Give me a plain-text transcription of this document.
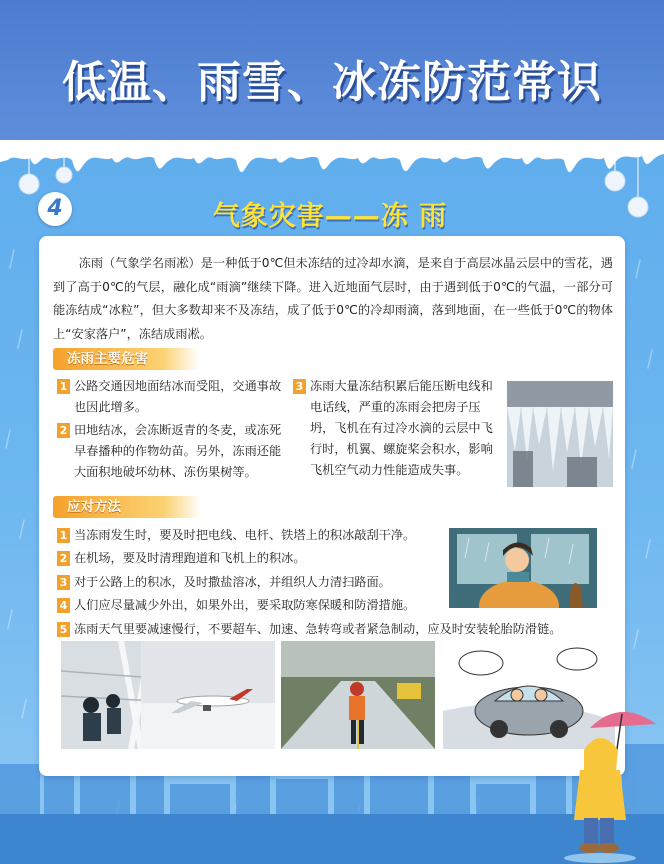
低温、雨雪、冰冻防范常识
4	气象灾害——冻 雨

冻雨（气象学名雨凇）是一种低于0℃但未冻结的过冷却水滴，是来自于高层冰晶云层中的雪花，遇到了高于0℃的气层，融化成“雨滴”继续下降。进入近地面气层时，由于遇到低于0℃的气温，一部分可能冻结成“冰粒”，但大多数却来不及冻结，成了低于0℃的冷却雨滴，落到地面，在一些低于0℃的物体上“安家落户”，冻结成雨凇。

冻雨主要危害
1 公路交通因地面结冰而受阻，交通事故也因此增多。
2 田地结冰，会冻断返青的冬麦，或冻死早春播种的作物幼苗。另外，冻雨还能大面积地破坏幼林、冻伤果树等。
3 冻雨大量冻结积累后能压断电线和电话线，严重的冻雨会把房子压坍，飞机在有过冷水滴的云层中飞行时，机翼、螺旋桨会积水，影响飞机空气动力性能造成失事。
应对方法
1 当冻雨发生时，要及时把电线、电杆、铁塔上的积冰敲刮干净。
2 在机场，要及时清理跑道和飞机上的积冰。
3 对于公路上的积冰，及时撒盐溶冰，并组织人力清扫路面。
4 人们应尽量减少外出，如果外出，要采取防寒保暖和防滑措施。
5 冻雨天气里要减速慢行，不要超车、加速、急转弯或者紧急制动，应及时安装轮胎防滑链。
